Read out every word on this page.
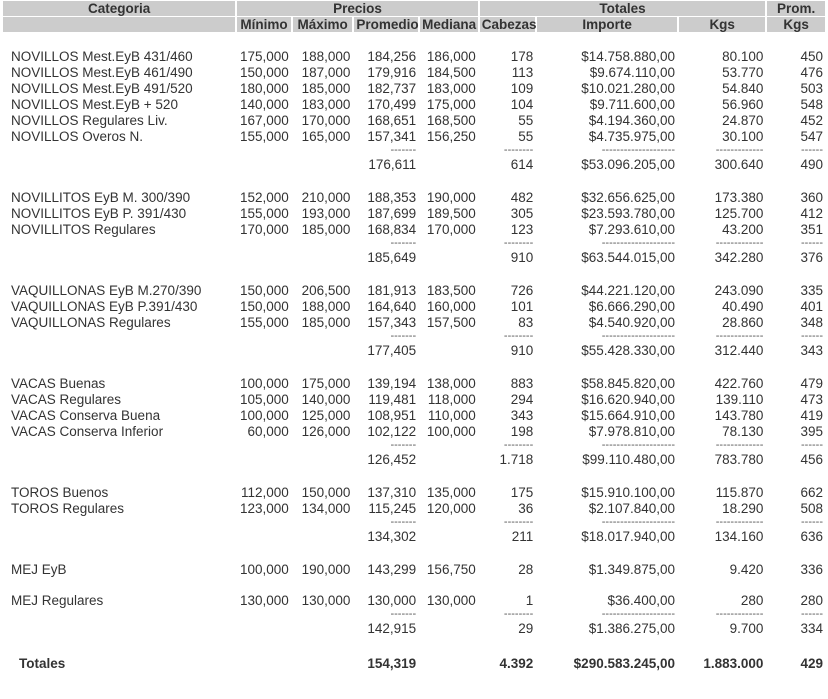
Categoria	Precios				Totales			Prom.
	Mínimo	Máximo	Promedio	Mediana	Cabezas	Importe	Kgs	Kgs

NOVILLOS Mest.EyB 431/460	175,000	188,000	184,256	186,000	178	$14.758.880,00	80.100	450
NOVILLOS Mest.EyB 461/490	150,000	187,000	179,916	184,500	113	$9.674.110,00	53.770	476
NOVILLOS Mest.EyB 491/520	180,000	185,000	182,737	183,000	109	$10.021.280,00	54.840	503
NOVILLOS Mest.EyB + 520	140,000	183,000	170,499	175,000	104	$9.711.600,00	56.960	548
NOVILLOS Regulares Liv.	167,000	170,000	168,651	168,500	55	$4.194.360,00	24.870	452
NOVILLOS Overos N.	155,000	165,000	157,341	156,250	55	$4.735.975,00	30.100	547
			-------		--------	--------------------	-------------	------
			176,611		614	$53.096.205,00	300.640	490

NOVILLITOS EyB M. 300/390	152,000	210,000	188,353	190,000	482	$32.656.625,00	173.380	360
NOVILLITOS EyB P. 391/430	155,000	193,000	187,699	189,500	305	$23.593.780,00	125.700	412
NOVILLITOS Regulares	170,000	185,000	168,834	170,000	123	$7.293.610,00	43.200	351
			-------		--------	--------------------	-------------	------
			185,649		910	$63.544.015,00	342.280	376

VAQUILLONAS EyB M.270/390	150,000	206,500	181,913	183,500	726	$44.221.120,00	243.090	335
VAQUILLONAS EyB P.391/430	150,000	188,000	164,640	160,000	101	$6.666.290,00	40.490	401
VAQUILLONAS Regulares	155,000	185,000	157,343	157,500	83	$4.540.920,00	28.860	348
			-------		--------	--------------------	-------------	------
			177,405		910	$55.428.330,00	312.440	343

VACAS Buenas	100,000	175,000	139,194	138,000	883	$58.845.820,00	422.760	479
VACAS Regulares	105,000	140,000	119,481	118,000	294	$16.620.940,00	139.110	473
VACAS Conserva Buena	100,000	125,000	108,951	110,000	343	$15.664.910,00	143.780	419
VACAS Conserva Inferior	60,000	126,000	102,122	100,000	198	$7.978.810,00	78.130	395
			-------		--------	--------------------	-------------	------
			126,452		1.718	$99.110.480,00	783.780	456

TOROS Buenos	112,000	150,000	137,310	135,000	175	$15.910.100,00	115.870	662
TOROS Regulares	123,000	134,000	115,245	120,000	36	$2.107.840,00	18.290	508
			-------		--------	--------------------	-------------	------
			134,302		211	$18.017.940,00	134.160	636

MEJ EyB	100,000	190,000	143,299	156,750	28	$1.349.875,00	9.420	336

MEJ Regulares	130,000	130,000	130,000	130,000	1	$36.400,00	280	280
			-------		--------	--------------------	-------------	------
			142,915		29	$1.386.275,00	9.700	334

Totales			154,319		4.392	$290.583.245,00	1.883.000	429
